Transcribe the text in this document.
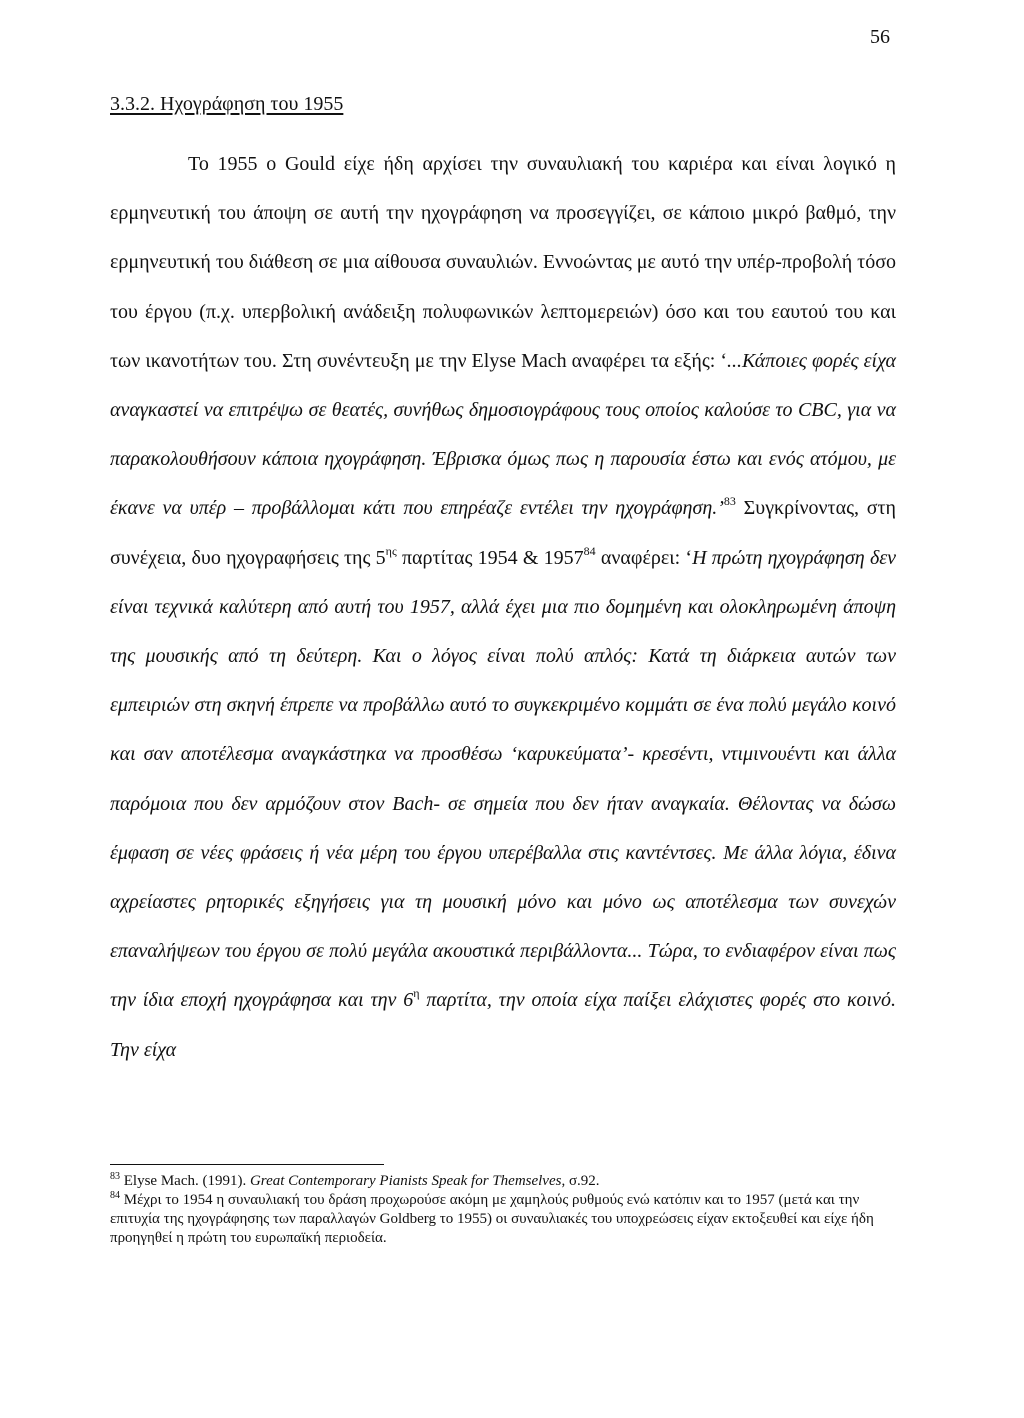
56
3.3.2. Ηχογράφηση του 1955

Το 1955 ο Gould είχε ήδη αρχίσει την συναυλιακή του καριέρα και είναι λογικό η ερμηνευτική του άποψη σε αυτή την ηχογράφηση να προσεγγίζει, σε κάποιο μικρό βαθμό, την ερμηνευτική του διάθεση σε μια αίθουσα συναυλιών. Εννοώντας με αυτό την υπέρ-προβολή τόσο του έργου (π.χ. υπερβολική ανάδειξη πολυφωνικών λεπτομερειών) όσο και του εαυτού του και των ικανοτήτων του. Στη συνέντευξη με την Elyse Mach αναφέρει τα εξής: ‘...Κάποιες φορές είχα αναγκαστεί να επιτρέψω σε θεατές, συνήθως δημοσιογράφους τους οποίος καλούσε το CBC, για να παρακολουθήσουν κάποια ηχογράφηση. Έβρισκα όμως πως η παρουσία έστω και ενός ατόμου, με έκανε να υπέρ – προβάλλομαι κάτι που επηρέαζε εντέλει την ηχογράφηση.’$^{83}$ Συγκρίνοντας, στη συνέχεια, δυο ηχογραφήσεις της $5^{\eta\varsigma}$ παρτίτας 1954 & 1957$^{84}$ αναφέρει: ‘Η πρώτη ηχογράφηση δεν είναι τεχνικά καλύτερη από αυτή του 1957, αλλά έχει μια πιο δομημένη και ολοκληρωμένη άποψη της μουσικής από τη δεύτερη. Και ο λόγος είναι πολύ απλός: Κατά τη διάρκεια αυτών των εμπειριών στη σκηνή έπρεπε να προβάλλω αυτό το συγκεκριμένο κομμάτι σε ένα πολύ μεγάλο κοινό και σαν αποτέλεσμα αναγκάστηκα να προσθέσω ‘καρυκεύματα’- κρεσέντι, ντιμινουέντι και άλλα παρόμοια που δεν αρμόζουν στον Bach- σε σημεία που δεν ήταν αναγκαία. Θέλοντας να δώσω έμφαση σε νέες φράσεις ή νέα μέρη του έργου υπερέβαλλα στις καντέντσες. Με άλλα λόγια, έδινα αχρείαστες ρητορικές εξηγήσεις για τη μουσική μόνο και μόνο ως αποτέλεσμα των συνεχών επαναλήψεων του έργου σε πολύ μεγάλα ακουστικά περιβάλλοντα... Τώρα, το ενδιαφέρον είναι πως την ίδια εποχή ηχογράφησα και την $6^\eta$ παρτίτα, την οποία είχα παίξει ελάχιστες φορές στο κοινό. Την είχα

$^{83}$ Elyse Mach. (1991). Great Contemporary Pianists Speak for Themselves, σ.92.

$^{84}$ Μέχρι το 1954 η συναυλιακή του δράση προχωρούσε ακόμη με χαμηλούς ρυθμούς ενώ κατόπιν και το 1957 (μετά και την επιτυχία της ηχογράφησης των παραλλαγών Goldberg το 1955) οι συναυλιακές του υποχρεώσεις είχαν εκτοξευθεί και είχε ήδη προηγηθεί η πρώτη του ευρωπαϊκή περιοδεία.
